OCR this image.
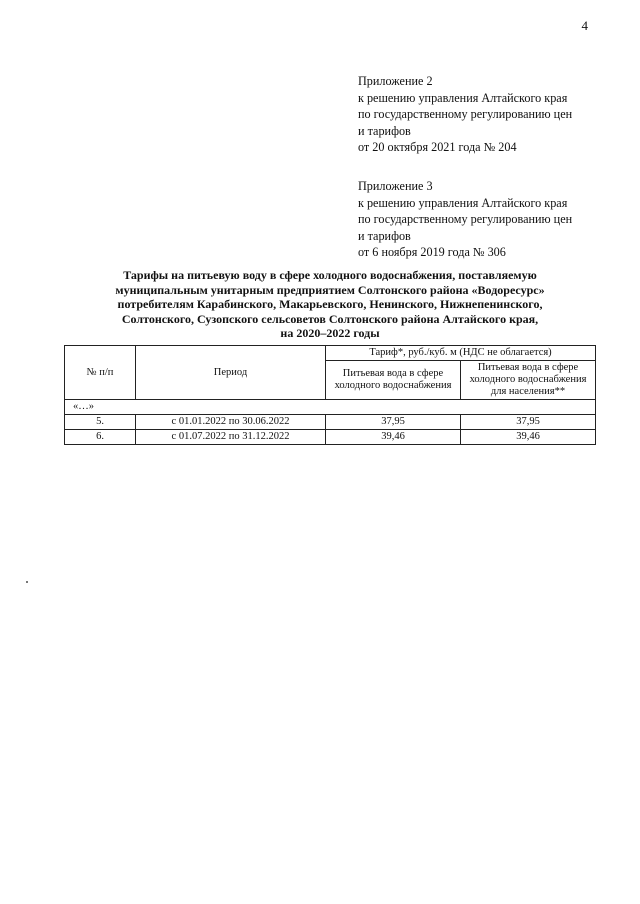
4
Приложение 2
к решению управления Алтайского края
по государственному регулированию цен
и тарифов
от 20 октября 2021 года № 204
Приложение 3
к решению управления Алтайского края
по государственному регулированию цен
и тарифов
от 6 ноября 2019 года № 306
Тарифы на питьевую воду в сфере холодного водоснабжения, поставляемую
муниципальным унитарным предприятием Солтонского района «Водоресурс»
потребителям Карабинского, Макарьевского, Ненинского, Нижнепенинского,
Солтонского, Сузопского сельсоветов Солтонского района Алтайского края,
на 2020–2022 годы
№ п/п	Период	Тариф*, руб./куб. м (НДС не облагается)	
		Питьевая вода в сфере холодного водоснабжения	Питьевая вода в сфере холодного водоснабжения для населения**
«…»			
5.	с 01.01.2022 по 30.06.2022	37,95	37,95
6.	с 01.07.2022 по 31.12.2022	39,46	39,46
